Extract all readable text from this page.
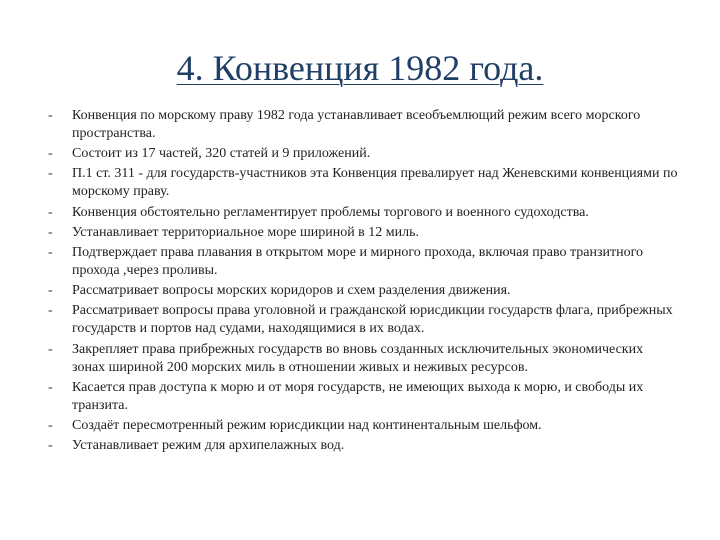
4. Конвенция 1982 года.
-	Конвенция по морскому праву 1982 года устанавливает всеобъемлющий режим всего морского пространства.
-	Состоит из 17 частей, 320 статей и 9 приложений.
-	П.1 ст. 311 - для государств-участников эта Конвенция превалирует над Женевскими конвенциями по морскому праву.
-	Конвенция обстоятельно регламентирует проблемы торгового и военного судоходства.
-	Устанавливает территориальное море шириной в 12 миль.
-	Подтверждает права плавания в открытом море и мирного прохода, включая право транзитного прохода ,через проливы.
-	Рассматривает вопросы морских коридоров и схем разделения движения.
-	Рассматривает вопросы права уголовной и гражданской юрисдикции государств флага, прибрежных государств и портов над судами, находящимися в их водах.
-	Закрепляет права прибрежных государств во вновь созданных исключительных экономических зонах шириной 200 морских миль в отношении живых и неживых ресурсов.
-	Касается прав доступа к морю и от моря государств, не имеющих выхода к морю, и свободы их транзита.
-	Создаёт пересмотренный режим юрисдикции над континентальным шельфом.
-	Устанавливает режим для архипелажных вод.
